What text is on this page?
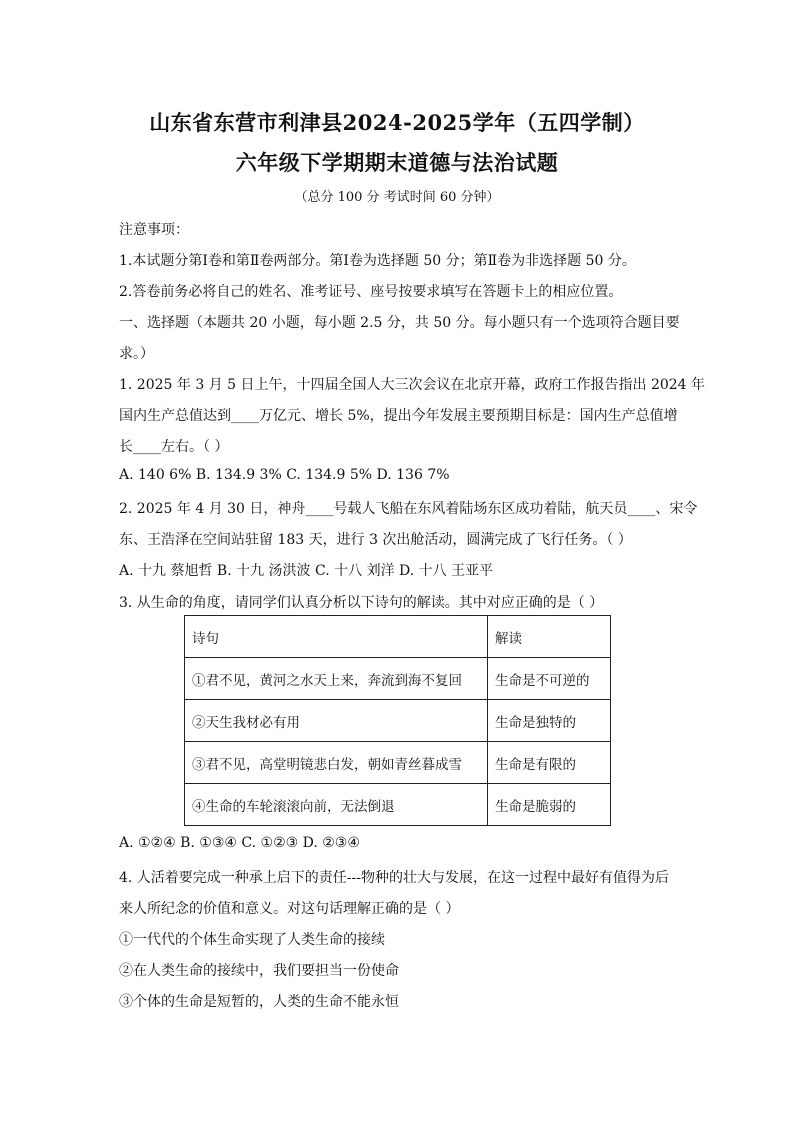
山东省东营市利津县2024-2025学年（五四学制）
六年级下学期期末道德与法治试题

（总分 100 分 考试时间 60 分钟）

注意事项：

1.本试题分第Ⅰ卷和第Ⅱ卷两部分。第Ⅰ卷为选择题 50 分；第Ⅱ卷为非选择题 50 分。

2.答卷前务必将自己的姓名、准考证号、座号按要求填写在答题卡上的相应位置。

一、选择题（本题共 20 小题，每小题 2.5 分，共 50 分。每小题只有一个选项符合题目要

求。）

1. 2025 年 3 月 5 日上午，十四届全国人大三次会议在北京开幕，政府工作报告指出 2024 年

国内生产总值达到____万亿元、增长 5%，提出今年发展主要预期目标是：国内生产总值增

长____左右。（ ）

A. 140 6% B. 134.9 3% C. 134.9 5% D. 136 7%

2. 2025 年 4 月 30 日，神舟____号载人飞船在东风着陆场东区成功着陆，航天员____、宋令

东、王浩泽在空间站驻留 183 天，进行 3 次出舱活动，圆满完成了飞行任务。（ ）

A. 十九 蔡旭哲 B. 十九 汤洪波 C. 十八 刘洋 D. 十八 王亚平

3. 从生命的角度，请同学们认真分析以下诗句的解读。其中对应正确的是（ ）

诗句	解读
①君不见，黄河之水天上来，奔流到海不复回	生命是不可逆的
②天生我材必有用	生命是独特的
③君不见，高堂明镜悲白发，朝如青丝暮成雪	生命是有限的
④生命的车轮滚滚向前，无法倒退	生命是脆弱的

A. ①②④ B. ①③④ C. ①②③ D. ②③④

4. 人活着要完成一种承上启下的责任---物种的壮大与发展，在这一过程中最好有值得为后

来人所纪念的价值和意义。对这句话理解正确的是（ ）

①一代代的个体生命实现了人类生命的接续

②在人类生命的接续中，我们要担当一份使命

③个体的生命是短暂的，人类的生命不能永恒
